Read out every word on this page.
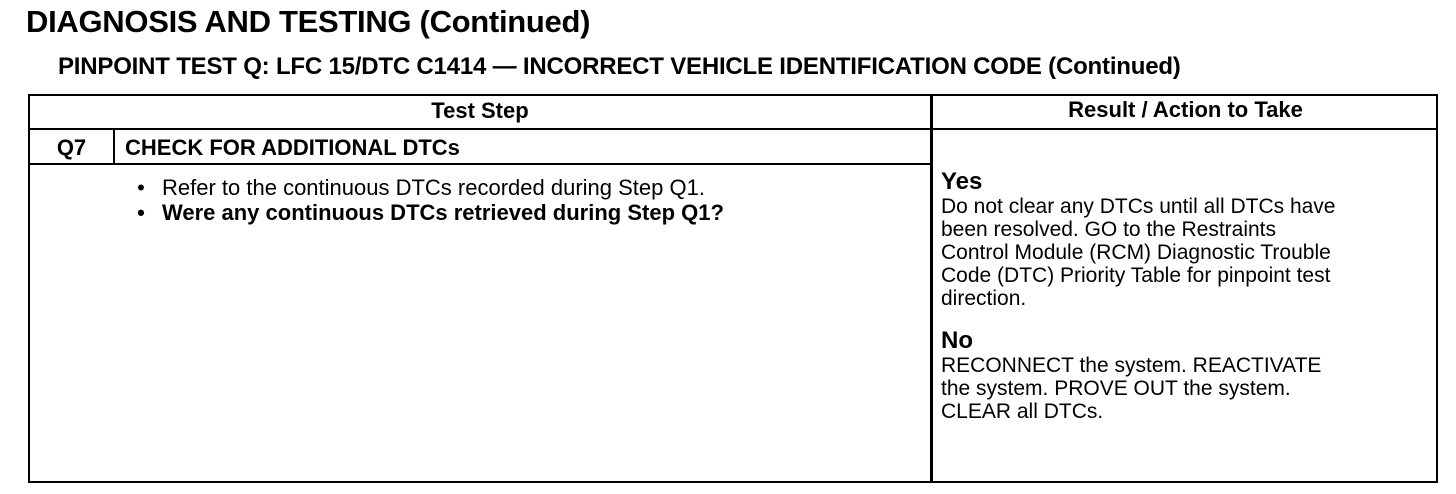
DIAGNOSIS AND TESTING (Continued)
PINPOINT TEST Q: LFC 15/DTC C1414 — INCORRECT VEHICLE IDENTIFICATION CODE (Continued)
Test Step	Result / Action to Take
Q7	CHECK FOR ADDITIONAL DTCs
• Refer to the continuous DTCs recorded during Step Q1.
• Were any continuous DTCs retrieved during Step Q1?
Yes
Do not clear any DTCs until all DTCs have
been resolved. GO to the Restraints
Control Module (RCM) Diagnostic Trouble
Code (DTC) Priority Table for pinpoint test
direction.
No
RECONNECT the system. REACTIVATE
the system. PROVE OUT the system.
CLEAR all DTCs.
